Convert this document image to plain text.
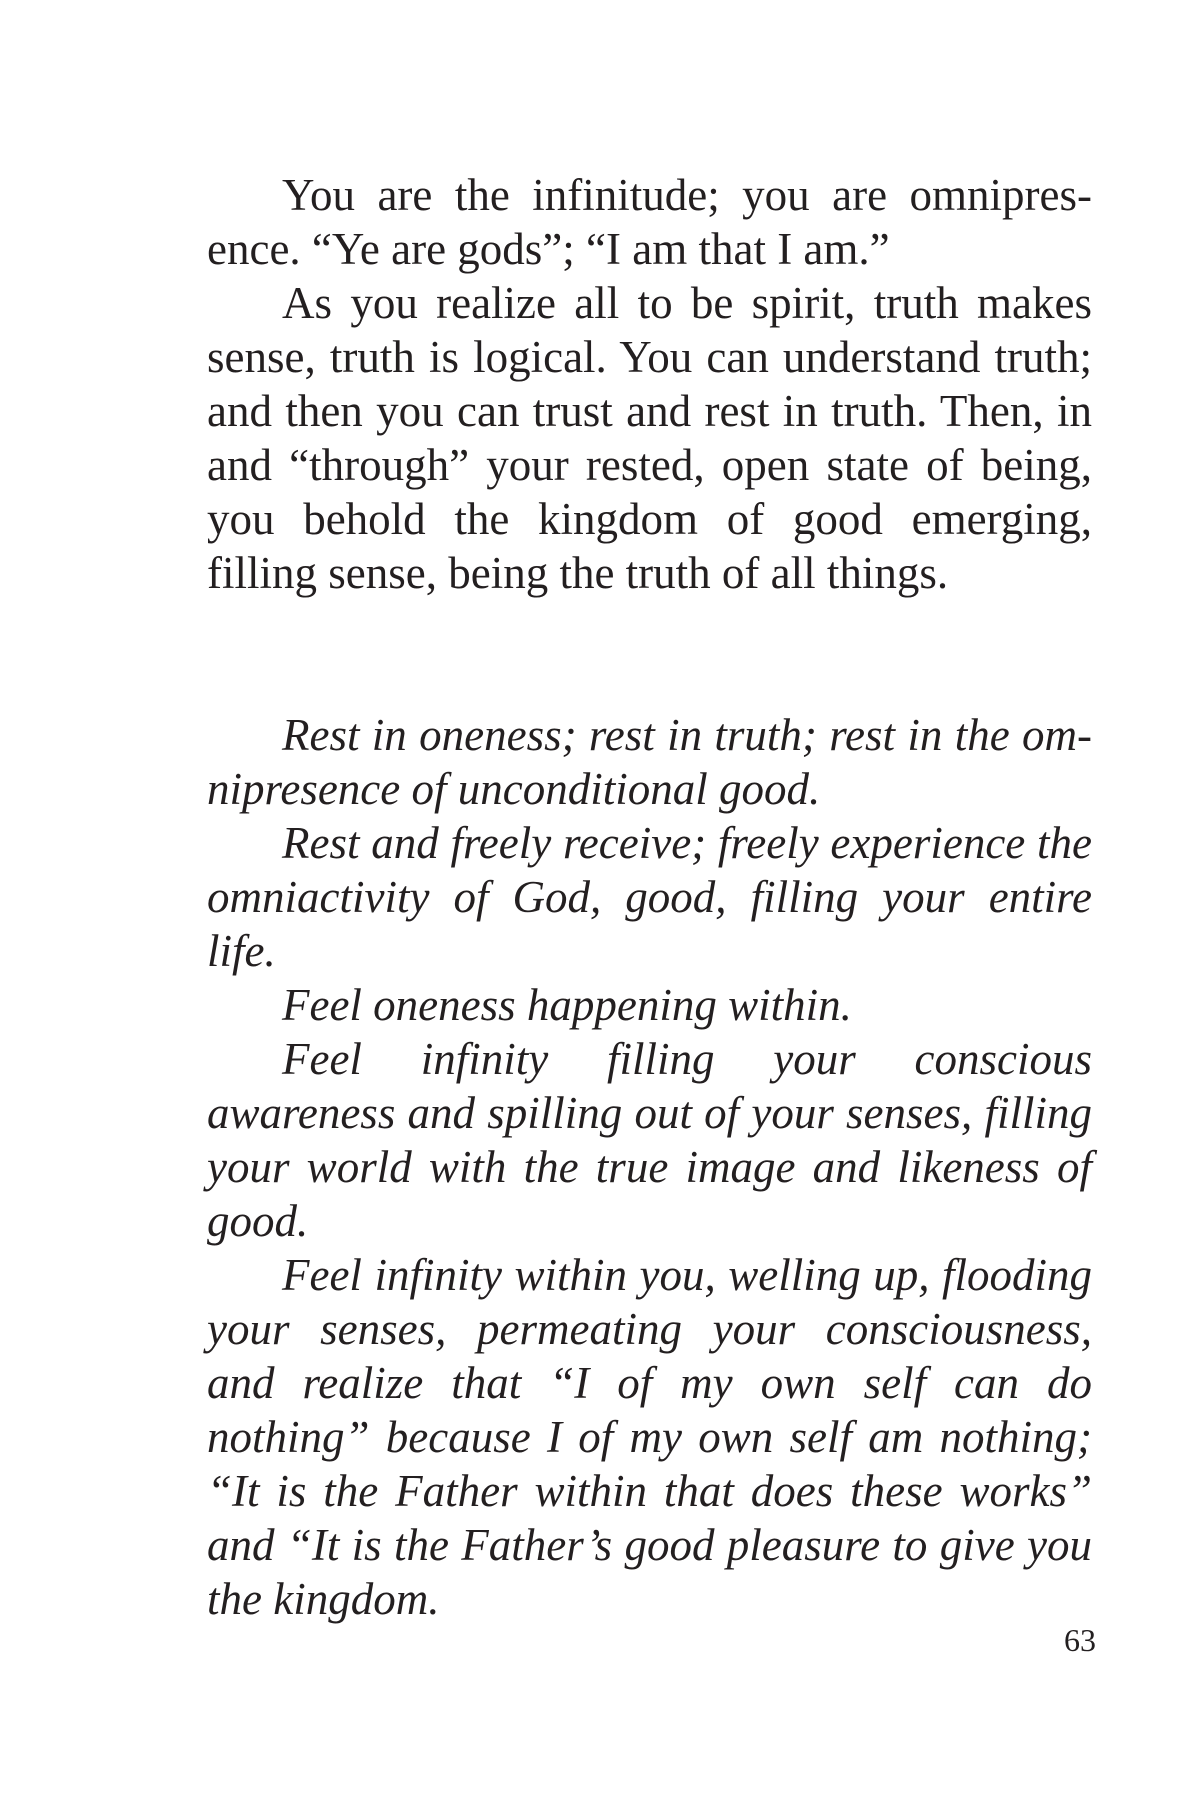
You are the infinitude; you are omnipresence. “Ye are gods”; “I am that I am.”

As you realize all to be spirit, truth makes sense, truth is logical. You can understand truth; and then you can trust and rest in truth. Then, in and “through” your rested, open state of being, you behold the kingdom of good emerging, filling sense, being the truth of all things.

Rest in oneness; rest in truth; rest in the omnipresence of unconditional good.

Rest and freely receive; freely experience the omniactivity of God, good, filling your entire life.

Feel oneness happening within.

Feel infinity filling your conscious awareness and spilling out of your senses, filling your world with the true image and likeness of good.

Feel infinity within you, welling up, flooding your senses, permeating your consciousness, and realize that “I of my own self can do nothing” because I of my own self am nothing; “It is the Father within that does these works” and “It is the Father’s good pleasure to give you the kingdom.

63
